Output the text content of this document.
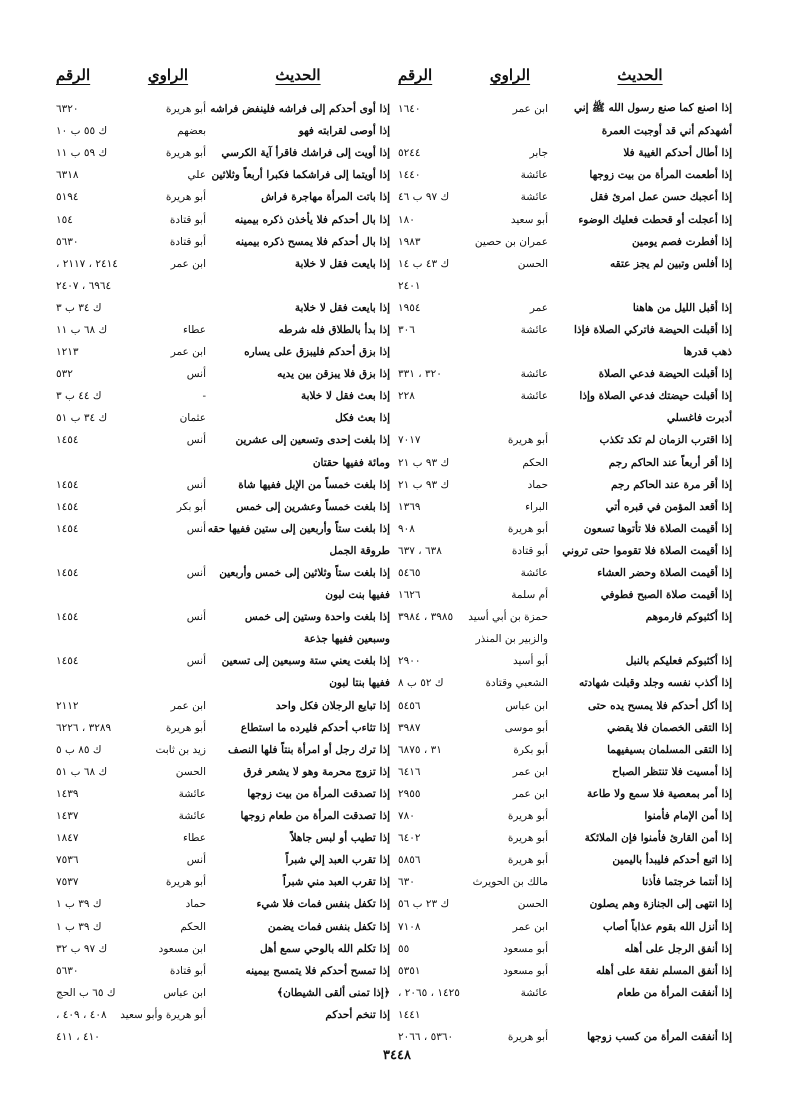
الحديث
الراوي
الرقم
إذا اصنع كما صنع رسول الله ﷺ إني
ابن عمر
١٦٤٠
أشهدكم أني قد أوجبت العمرة
إذا أطال أحدكم الغيبة فلا
جابر
٥٢٤٤
إذا أطعمت المرأة من بيت زوجها
عائشة
١٤٤٠
إذا أعجبك حسن عمل امرئ فقل
عائشة
ك ٩٧ ب ٤٦
إذا أعجلت أو قحطت فعليك الوضوء
أبو سعيد
١٨٠
إذا أفطرت فصم يومين
عمران بن حصين
١٩٨٣
إذا أفلس وتبين لم يجز عتقه
الحسن
ك ٤٣ ب ١٤
٢٤٠١
إذا أقبل الليل من هاهنا
عمر
١٩٥٤
إذا أقبلت الحيضة فاتركي الصلاة فإذا
عائشة
٣٠٦
ذهب قدرها
إذا أقبلت الحيضة فدعي الصلاة
عائشة
٣٢٠ ، ٣٣١
إذا أقبلت حيضتك فدعي الصلاة وإذا
عائشة
٢٢٨
أدبرت فاغسلي
إذا اقترب الزمان لم تكد تكذب
أبو هريرة
٧٠١٧
إذا أقر أربعاً عند الحاكم رجم
الحكم
ك ٩٣ ب ٢١
إذا أقر مرة عند الحاكم رجم
حماد
ك ٩٣ ب ٢١
إذا أقعد المؤمن في قبره أتي
البراء
١٣٦٩
إذا أقيمت الصلاة فلا تأتوها تسعون
أبو هريرة
٩٠٨
إذا أقيمت الصلاة فلا تقوموا حتى تروني
أبو قتادة
٦٣٨ ، ٦٣٧
إذا أقيمت الصلاة وحضر العشاء
عائشة
٥٤٦٥
إذا أقيمت صلاة الصبح فطوفي
أم سلمة
١٦٢٦
إذا أكثبوكم فارموهم
حمزة بن أبي أسيد
٣٩٨٥ ، ٣٩٨٤
والزبير بن المنذر
إذا أكثبوكم فعليكم بالنبل
أبو أسيد
٢٩٠٠
إذا أكذب نفسه وجلد وقبلت شهادته
الشعبي وقتادة
ك ٥٢ ب ٨
إذا أكل أحدكم فلا يمسح يده حتى
ابن عباس
٥٤٥٦
إذا التقى الخصمان فلا يقضي
أبو موسى
٣٩٨٧
إذا التقى المسلمان بسيفيهما
أبو بكرة
٣١ ، ٦٨٧٥
إذا أمسيت فلا تنتظر الصباح
ابن عمر
٦٤١٦
إذا أمر بمعصية فلا سمع ولا طاعة
ابن عمر
٢٩٥٥
إذا أمن الإمام فأمنوا
أبو هريرة
٧٨٠
إذا أمن القارئ فأمنوا فإن الملائكة
أبو هريرة
٦٤٠٢
إذا اتبع أحدكم فليبدأ باليمين
أبو هريرة
٥٨٥٦
إذا أنتما خرجتما فأذنا
مالك بن الحويرث
٦٣٠
إذا انتهى إلى الجنازة وهم يصلون
الحسن
ك ٢٣ ب ٥٦
إذا أنزل الله بقوم عذاباً أصاب
ابن عمر
٧١٠٨
إذا أنفق الرجل على أهله
أبو مسعود
٥٥
إذا أنفق المسلم نفقة على أهله
أبو مسعود
٥٣٥١
إذا أنفقت المرأة من طعام
عائشة
١٤٢٥ ، ٢٠٦٥ ،
١٤٤١
إذا أنفقت المرأة من كسب زوجها
أبو هريرة
٥٣٦٠ ، ٢٠٦٦
الحديث
الراوي
الرقم
إذا أوى أحدكم إلى فراشه فلينفض فراشه
أبو هريرة
٦٣٢٠
إذا أوصى لقرابته فهو
بعضهم
ك ٥٥ ب ١٠
إذا أويت إلى فراشك فاقرأ آية الكرسي
أبو هريرة
ك ٥٩ ب ١١
إذا أويتما إلى فراشكما فكبرا أربعاً وثلاثين
علي
٦٣١٨
إذا باتت المرأة مهاجرة فراش
أبو هريرة
٥١٩٤
إذا بال أحدكم فلا يأخذن ذكره بيمينه
أبو قتادة
١٥٤
إذا بال أحدكم فلا يمسح ذكره بيمينه
أبو قتادة
٥٦٣٠
إذا بايعت فقل لا خلابة
ابن عمر
٢٤١٤ ، ٢١١٧ ،
٦٩٦٤ ، ٢٤٠٧
إذا بايعت فقل لا خلابة
ك ٣٤ ب ٣
إذا بدأ بالطلاق فله شرطه
عطاء
ك ٦٨ ب ١١
إذا بزق أحدكم فليبزق على يساره
ابن عمر
١٢١٣
إذا بزق فلا يبزقن بين يديه
أنس
٥٣٢
إذا بعث فقل لا خلابة
-
ك ٤٤ ب ٣
إذا بعث فكل
عثمان
ك ٣٤ ب ٥١
إذا بلغت إحدى وتسعين إلى عشرين
أنس
١٤٥٤
ومائة ففيها حقتان
إذا بلغت خمساً من الإبل ففيها شاة
أنس
١٤٥٤
إذا بلغت خمساً وعشرين إلى خمس
أبو بكر
١٤٥٤
إذا بلغت ستاً وأربعين إلى ستين ففيها حقه
أنس
١٤٥٤
طروقة الجمل
إذا بلغت ستاً وثلاثين إلى خمس وأربعين
أنس
١٤٥٤
ففيها بنت لبون
إذا بلغت واحدة وستين إلى خمس
أنس
١٤٥٤
وسبعين ففيها جذعة
إذا بلغت يعني ستة وسبعين إلى تسعين
أنس
١٤٥٤
ففيها بنتا لبون
إذا تبايع الرجلان فكل واحد
ابن عمر
٢١١٢
إذا تثاءب أحدكم فليرده ما استطاع
أبو هريرة
٣٢٨٩ ، ٦٢٢٦
إذا ترك رجل أو امرأة بنتاً فلها النصف
زيد بن ثابت
ك ٨٥ ب ٥
إذا تزوج محرمة وهو لا يشعر فرق
الحسن
ك ٦٨ ب ٥١
إذا تصدقت المرأة من بيت زوجها
عائشة
١٤٣٩
إذا تصدقت المرأة من طعام زوجها
عائشة
١٤٣٧
إذا تطيب أو لبس جاهلاً
عطاء
١٨٤٧
إذا تقرب العبد إلي شبراً
أنس
٧٥٣٦
إذا تقرب العبد مني شبراً
أبو هريرة
٧٥٣٧
إذا تكفل بنفس فمات فلا شيء
حماد
ك ٣٩ ب ١
إذا تكفل بنفس فمات يضمن
الحكم
ك ٣٩ ب ١
إذا تكلم الله بالوحي سمع أهل
ابن مسعود
ك ٩٧ ب ٣٢
إذا تمسح أحدكم فلا يتمسح بيمينه
أبو قتادة
٥٦٣٠
﴿إذا تمنى ألقى الشيطان﴾
ابن عباس
ك ٦٥ ب الحج
إذا تنخم أحدكم
أبو هريرة وأبو سعيد
٤٠٨ ، ٤٠٩ ،
٤١٠ ، ٤١١
٣٤٤٨
